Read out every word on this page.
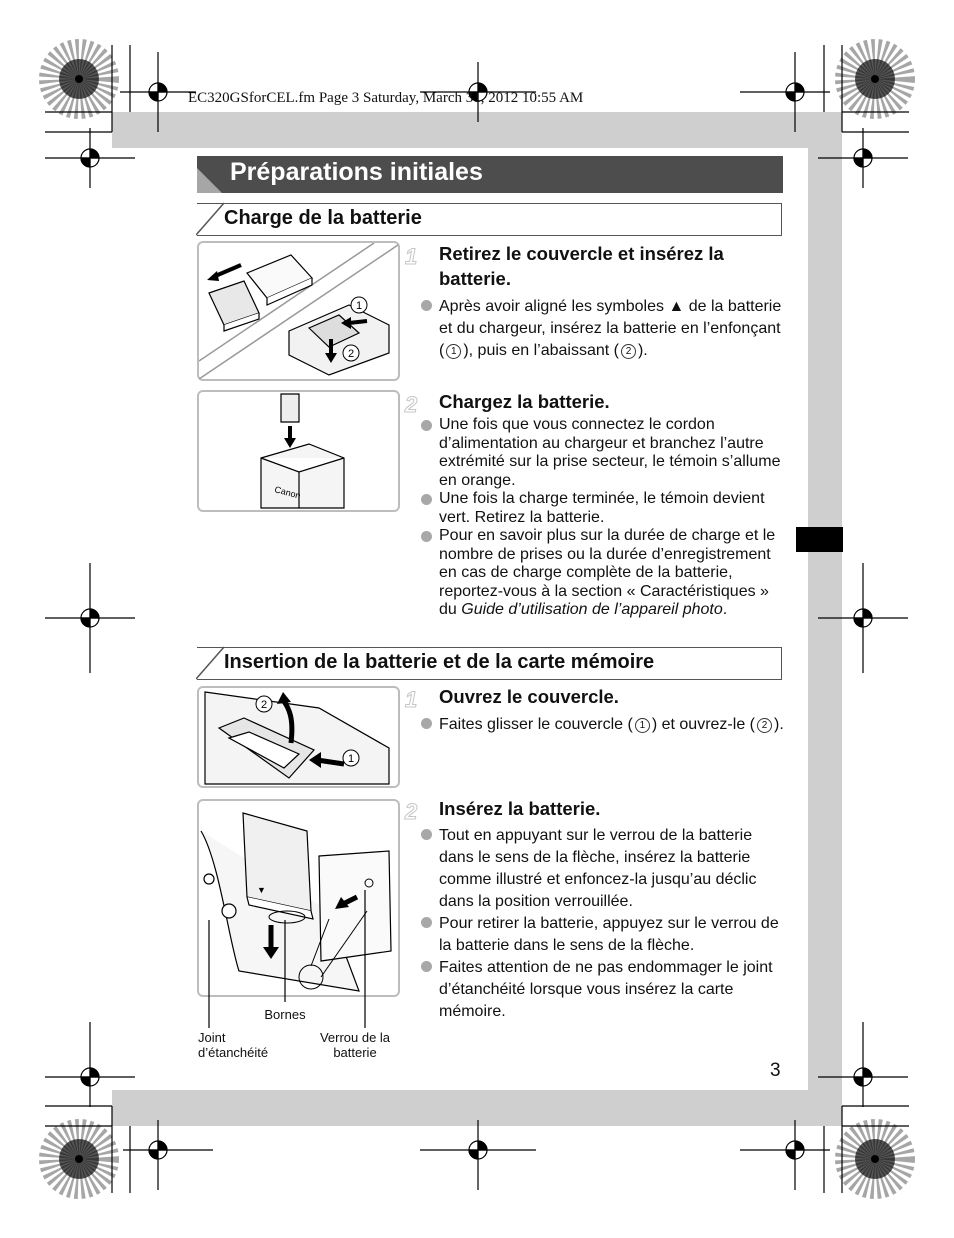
EC320GSforCEL.fm Page 3 Saturday, March 31, 2012 10:55 AM
Préparations initiales
Charge de la batterie
1
2
1 Retirez le couvercle et insérez la batterie.
Après avoir aligné les symboles ▲ de la batterie et du chargeur, insérez la batterie en l’enfonçant ( 1 ), puis en l’abaissant ( 2 ).
Canon
2 Chargez la batterie.
Une fois que vous connectez le cordon d’alimentation au chargeur et branchez l’autre extrémité sur la prise secteur, le témoin s’allume en orange.
Une fois la charge terminée, le témoin devient vert. Retirez la batterie.
Pour en savoir plus sur la durée de charge et le nombre de prises ou la durée d’enregistrement en cas de charge complète de la batterie, reportez-vous à la section « Caractéristiques » du Guide d’utilisation de l’appareil photo.
Insertion de la batterie et de la carte mémoire
2
1
1 Ouvrez le couvercle.
Faites glisser le couvercle ( 1 ) et ouvrez-le ( 2 ).
▼
Bornes
Joint
d’étanchéité
Verrou de la
batterie
2 Insérez la batterie.
Tout en appuyant sur le verrou de la batterie dans le sens de la flèche, insérez la batterie comme illustré et enfoncez-la jusqu’au déclic dans la position verrouillée.
Pour retirer la batterie, appuyez sur le verrou de la batterie dans le sens de la flèche.
Faites attention de ne pas endommager le joint d’étanchéité lorsque vous insérez la carte mémoire.
3
